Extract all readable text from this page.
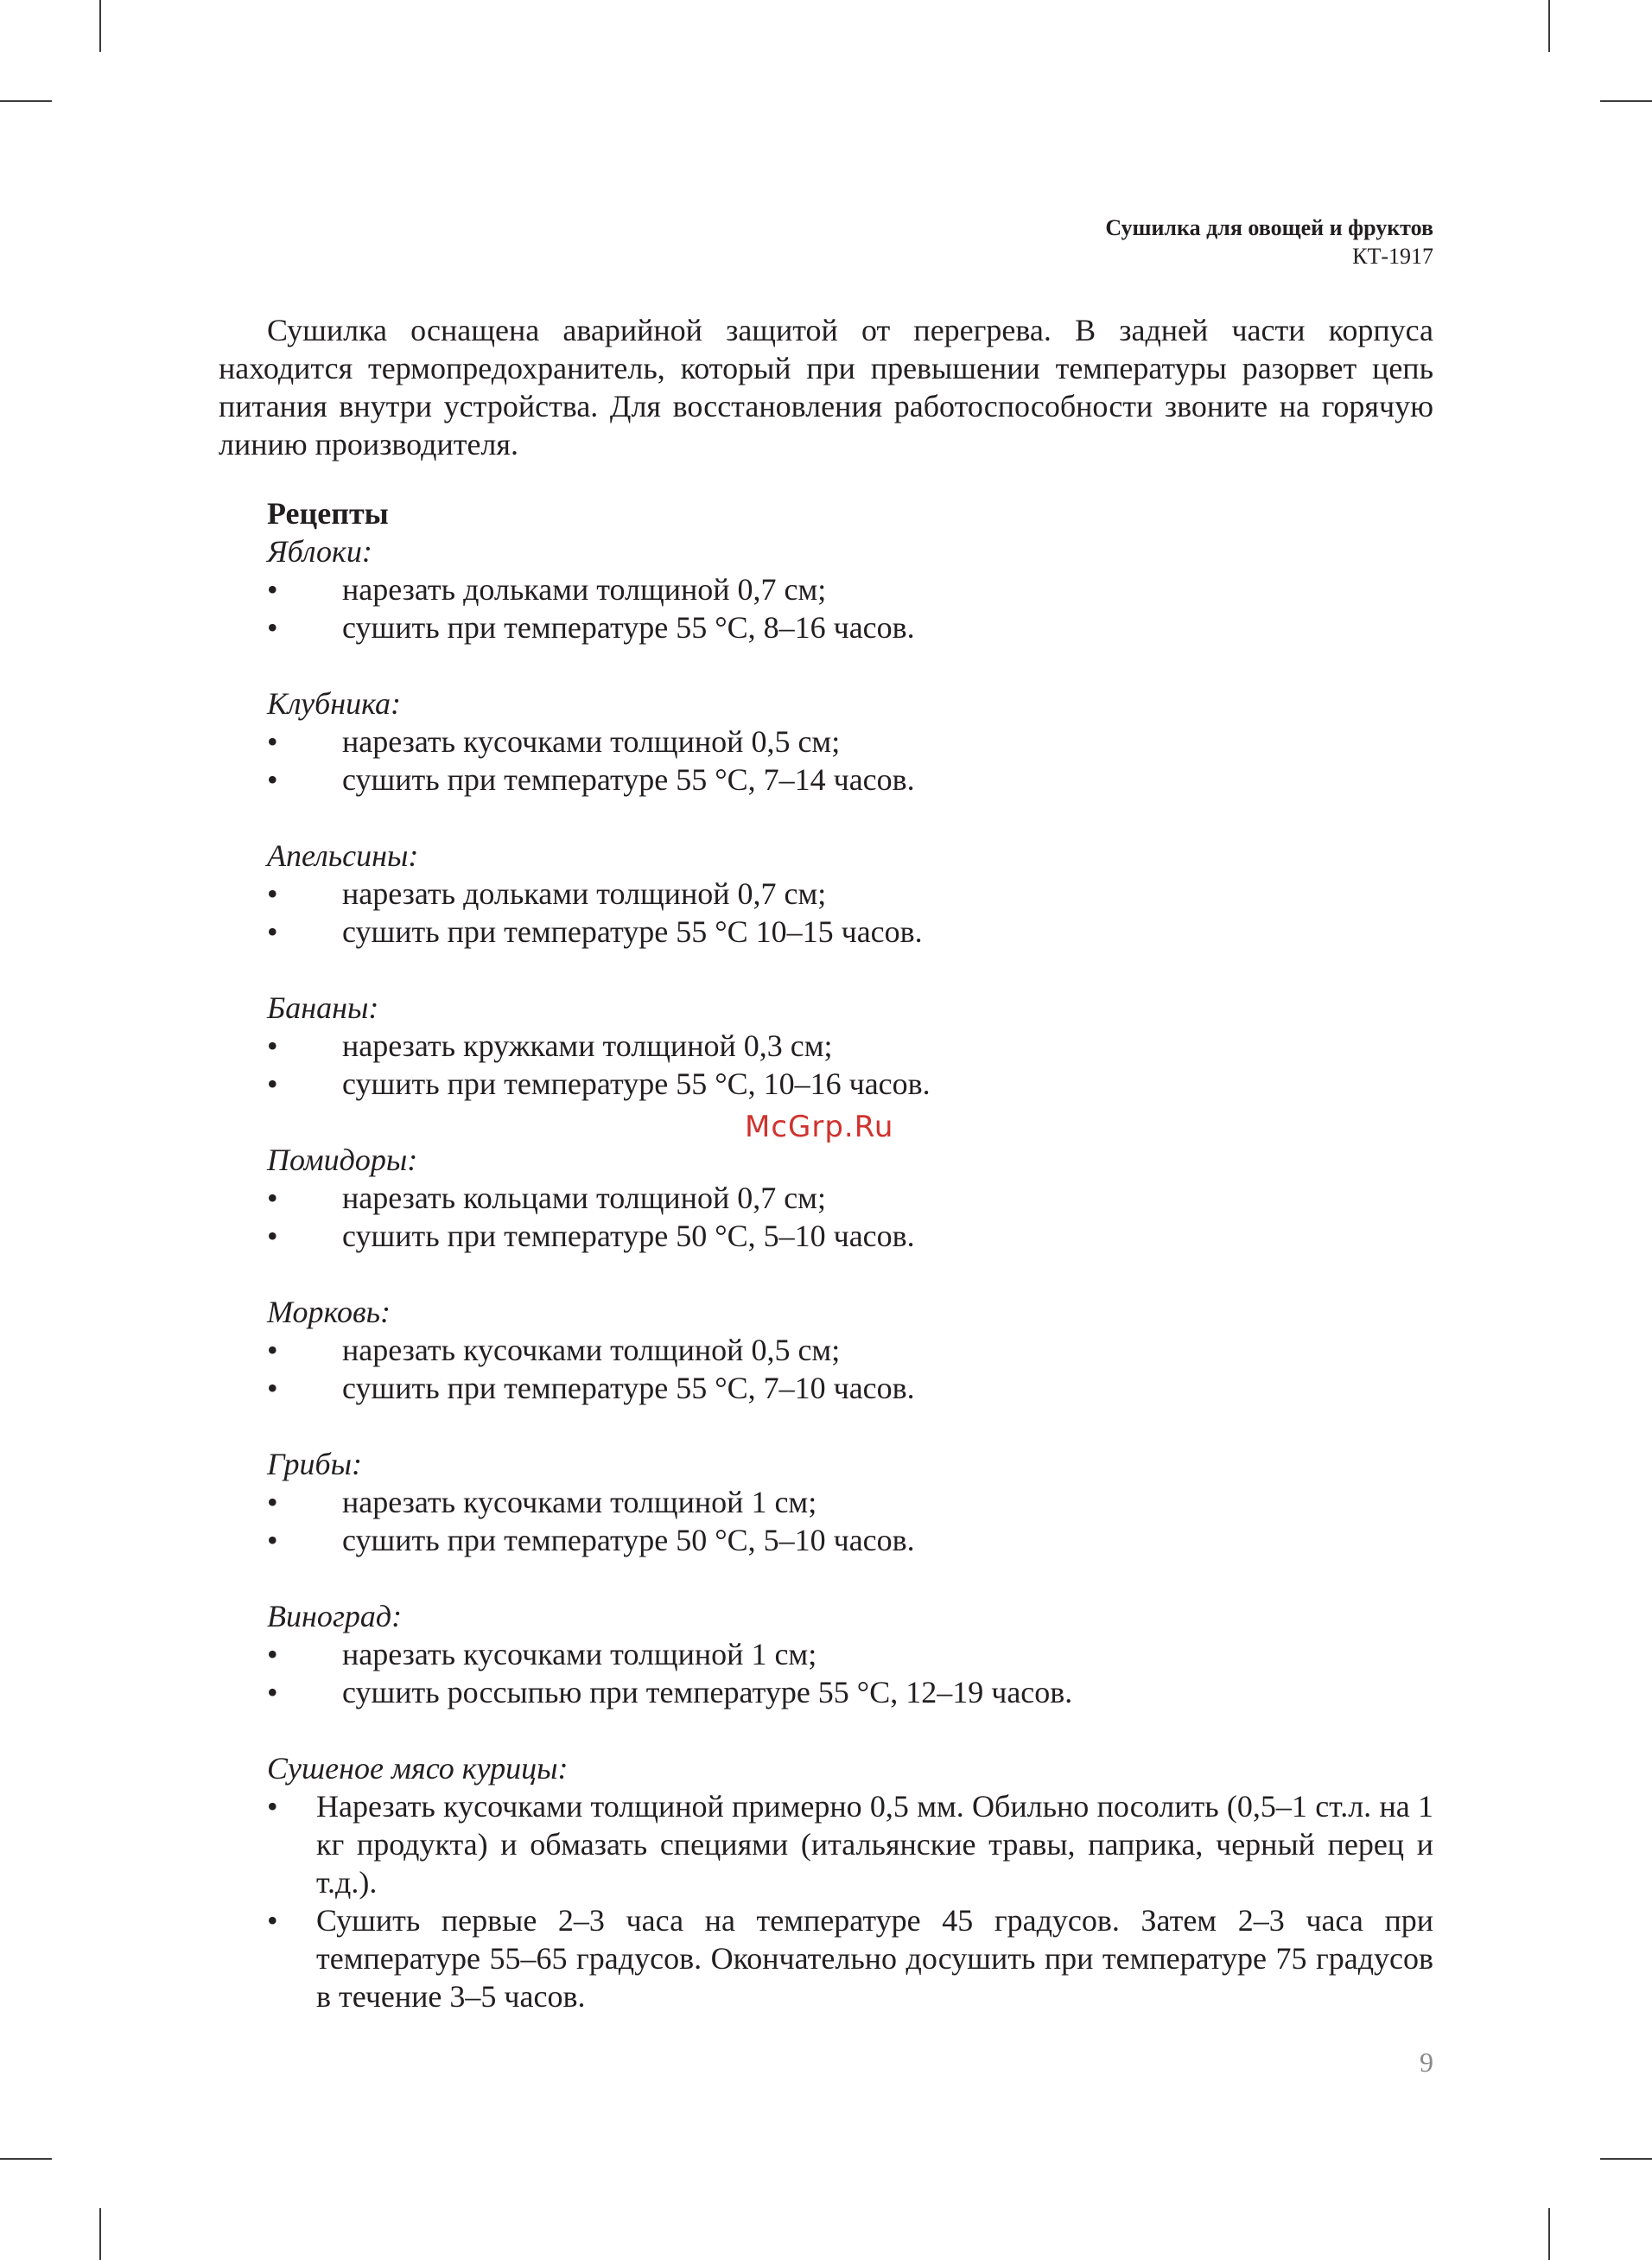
Сушилка для овощей и фруктов
КТ-1917

Сушилка оснащена аварийной защитой от перегрева. В задней части корпуса находится термопредохранитель, который при превышении температуры разорвет цепь питания внутри устройства. Для восстановления работоспособности звоните на горячую линию производителя.

Рецепты

Яблоки:

• нарезать дольками толщиной 0,7 см;
• сушить при температуре 55 °С, 8–16 часов.

Клубника:

• нарезать кусочками толщиной 0,5 см;
• сушить при температуре 55 °С, 7–14 часов.

Апельсины:

• нарезать дольками толщиной 0,7 см;
• сушить при температуре 55 °С 10–15 часов.

Бананы:

• нарезать кружками толщиной 0,3 см;
• сушить при температуре 55 °С, 10–16 часов.

Помидоры:

• нарезать кольцами толщиной 0,7 см;
• сушить при температуре 50 °С, 5–10 часов.

Морковь:

• нарезать кусочками толщиной 0,5 см;
• сушить при температуре 55 °С, 7–10 часов.

Грибы:

• нарезать кусочками толщиной 1 см;
• сушить при температуре 50 °С, 5–10 часов.

Виноград:

• нарезать кусочками толщиной 1 см;
• сушить россыпью при температуре 55 °С, 12–19 часов.

Сушеное мясо курицы:

• Нарезать кусочками толщиной примерно 0,5 мм. Обильно посолить (0,5–1 ст.л. на 1 кг продукта) и обмазать специями (итальянские травы, паприка, черный перец и т.д.).
• Сушить первые 2–3 часа на температуре 45 градусов. Затем 2–3 часа при температуре 55–65 градусов. Окончательно досушить при температуре 75 градусов в течение 3–5 часов.
McGrp.Ru
9
